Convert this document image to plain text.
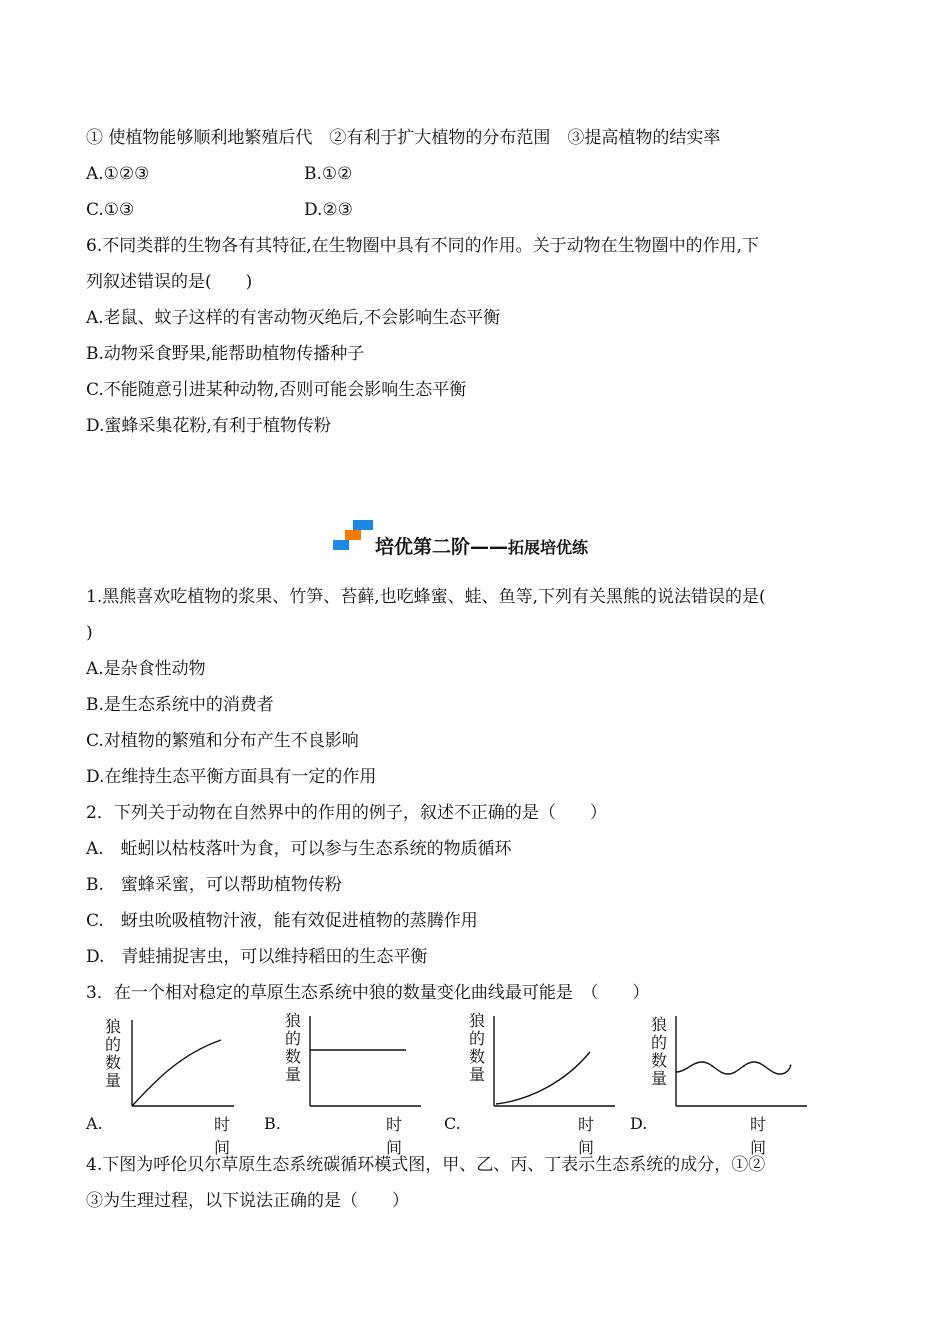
① 使植物能够顺利地繁殖后代　②有利于扩大植物的分布范围　③提高植物的结实率
A.①②③	B.①②
C.①③	D.②③
6.不同类群的生物各有其特征,在生物圈中具有不同的作用。关于动物在生物圈中的作用,下
列叙述错误的是(　　)
A.老鼠、蚊子这样的有害动物灭绝后,不会影响生态平衡
B.动物采食野果,能帮助植物传播种子
C.不能随意引进某种动物,否则可能会影响生态平衡
D.蜜蜂采集花粉,有利于植物传粉
培优第二阶——拓展培优练
1.黑熊喜欢吃植物的浆果、竹笋、苔藓,也吃蜂蜜、蛙、鱼等,下列有关黑熊的说法错误的是(
)
A.是杂食性动物
B.是生态系统中的消费者
C.对植物的繁殖和分布产生不良影响
D.在维持生态平衡方面具有一定的作用
2．下列关于动物在自然界中的作用的例子，叙述不正确的是（　　）
A.　蚯蚓以枯枝落叶为食，可以参与生态系统的物质循环
B.　蜜蜂采蜜，可以帮助植物传粉
C.　蚜虫吮吸植物汁液，能有效促进植物的蒸腾作用
D.　青蛙捕捉害虫，可以维持稻田的生态平衡
3．在一个相对稳定的草原生态系统中狼的数量变化曲线最可能是　（　　）
狼
的
数
量
时间
A.
狼
的
数
量
时间
B.
狼
的
数
量
时间
C.
狼
的
数
量
时间
D.
4.下图为呼伦贝尔草原生态系统碳循环模式图，甲、乙、丙、丁表示生态系统的成分，①②
③为生理过程，以下说法正确的是（　　）
